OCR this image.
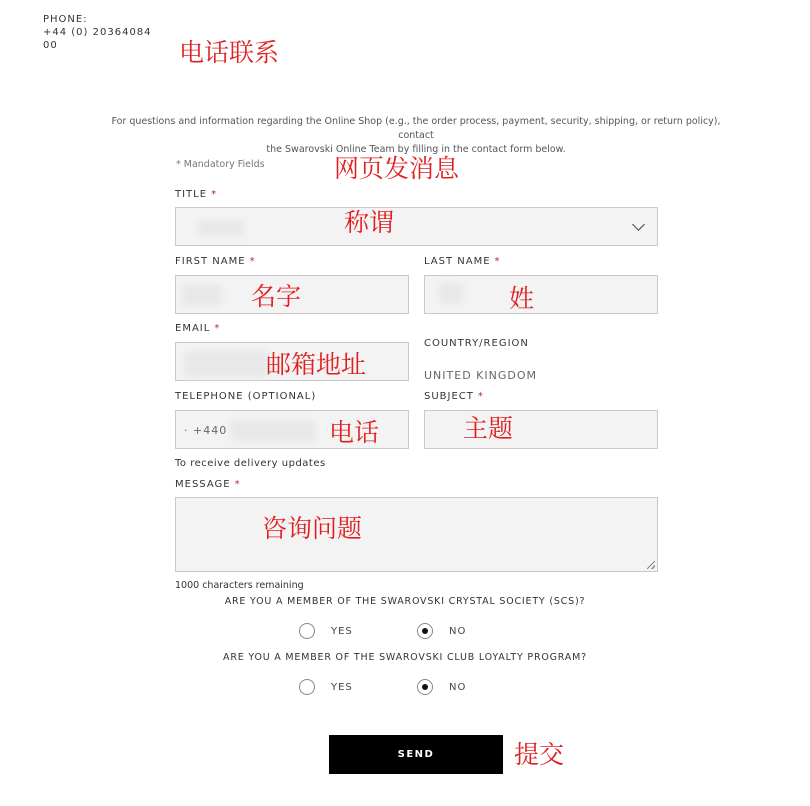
PHONE:
+44 (0) 20364084
00	电话联系
For questions and information regarding the Online Shop (e.g., the order process, payment, security, shipping, or return policy), contact
the Swarovski Online Team by filling in the contact form below.
* Mandatory Fields	网页发消息
TITLE *
称谓
FIRST NAME *
名字
LAST NAME *
姓
EMAIL *
邮箱地址
COUNTRY/REGION
UNITED KINGDOM
TELEPHONE (OPTIONAL)
· +440	电话
SUBJECT *
主题
To receive delivery updates
MESSAGE *
咨询问题
1000 characters remaining
ARE YOU A MEMBER OF THE SWAROVSKI CRYSTAL SOCIETY (SCS)?
YES	NO
ARE YOU A MEMBER OF THE SWAROVSKI CLUB LOYALTY PROGRAM?
YES	NO
SEND	提交
